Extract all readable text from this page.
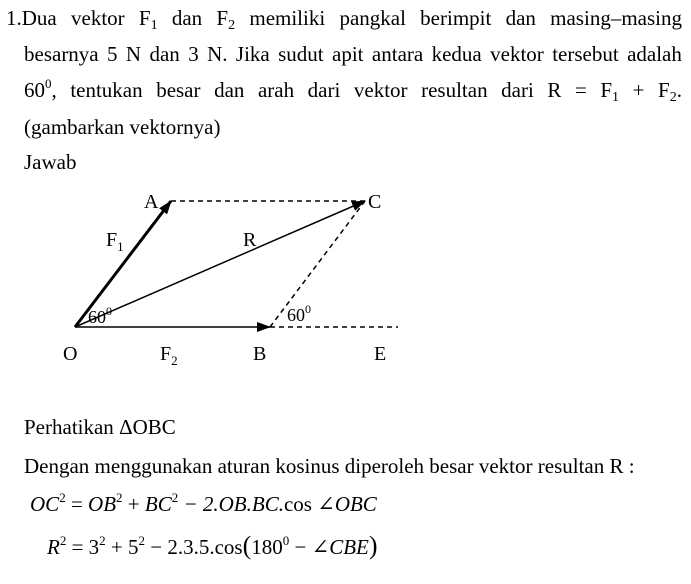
1.Dua vektor $F_1$ dan $F_2$ memiliki pangkal berimpit dan masing–masing
besarnya 5 N dan 3 N. Jika sudut apit antara kedua vektor tersebut adalah
$60^0$, tentukan besar dan arah dari vektor resultan dari $R = F_1 + F_2$.
(gambarkan vektornya)
Jawab
A	C
O	B	E
$F_1$
$F_2$
R
$60^0$	$60^0$
Perhatikan ΔOBC
Dengan menggunakan aturan kosinus diperoleh besar vektor resultan R :
$OC^2 = OB^2 + BC^2 - 2.OB.BC.\cos$ ∠OBC
$R^2 = 3^2 + 5^2 - 2.3.5.\cos(180^0$ − ∠CBE)
